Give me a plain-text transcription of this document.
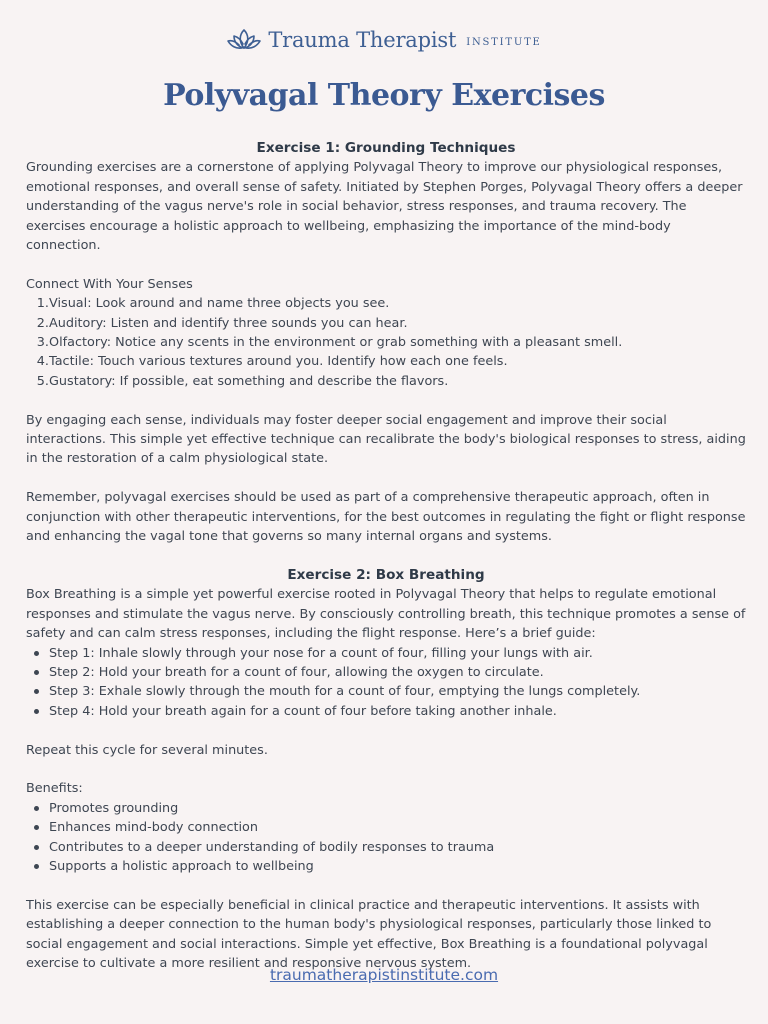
Trauma Therapist INSTITUTE
Polyvagal Theory Exercises

Exercise 1: Grounding Techniques

Grounding exercises are a cornerstone of applying Polyvagal Theory to improve our physiological responses, emotional responses, and overall sense of safety. Initiated by Stephen Porges, Polyvagal Theory offers a deeper understanding of the vagus nerve's role in social behavior, stress responses, and trauma recovery. The exercises encourage a holistic approach to wellbeing, emphasizing the importance of the mind-body connection.

Connect With Your Senses

1. Visual: Look around and name three objects you see.
2. Auditory: Listen and identify three sounds you can hear.
3. Olfactory: Notice any scents in the environment or grab something with a pleasant smell.
4. Tactile: Touch various textures around you. Identify how each one feels.
5. Gustatory: If possible, eat something and describe the flavors.

By engaging each sense, individuals may foster deeper social engagement and improve their social interactions. This simple yet effective technique can recalibrate the body's biological responses to stress, aiding in the restoration of a calm physiological state.

Remember, polyvagal exercises should be used as part of a comprehensive therapeutic approach, often in conjunction with other therapeutic interventions, for the best outcomes in regulating the fight or flight response and enhancing the vagal tone that governs so many internal organs and systems.

Exercise 2: Box Breathing

Box Breathing is a simple yet powerful exercise rooted in Polyvagal Theory that helps to regulate emotional responses and stimulate the vagus nerve. By consciously controlling breath, this technique promotes a sense of safety and can calm stress responses, including the flight response. Here’s a brief guide:

Step 1: Inhale slowly through your nose for a count of four, filling your lungs with air.
Step 2: Hold your breath for a count of four, allowing the oxygen to circulate.
Step 3: Exhale slowly through the mouth for a count of four, emptying the lungs completely.
Step 4: Hold your breath again for a count of four before taking another inhale.

Repeat this cycle for several minutes.

Benefits:

Promotes grounding
Enhances mind-body connection
Contributes to a deeper understanding of bodily responses to trauma
Supports a holistic approach to wellbeing

This exercise can be especially beneficial in clinical practice and therapeutic interventions. It assists with establishing a deeper connection to the human body's physiological responses, particularly those linked to social engagement and social interactions. Simple yet effective, Box Breathing is a foundational polyvagal exercise to cultivate a more resilient and responsive nervous system.

traumatherapistinstitute.com
